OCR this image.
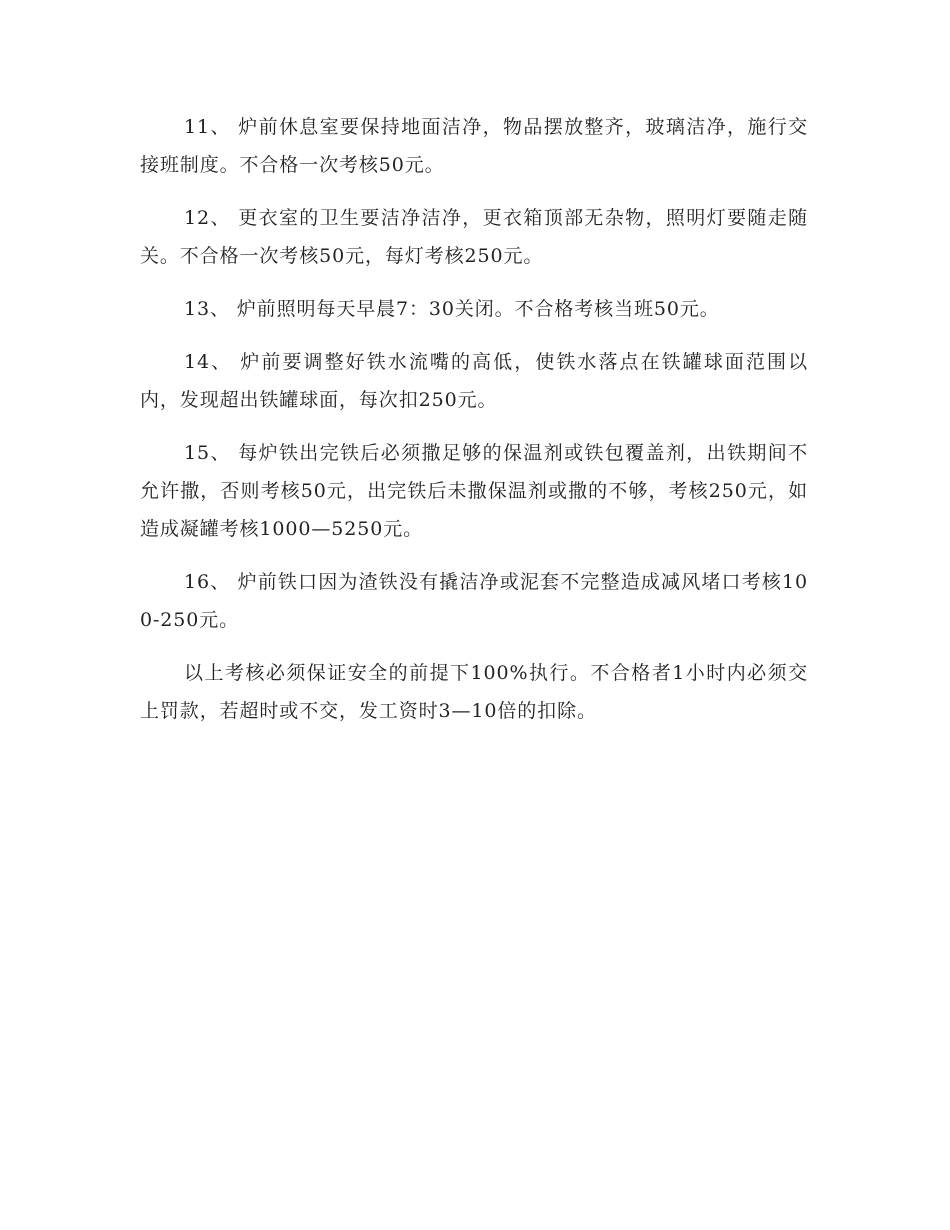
11、 炉前休息室要保持地面洁净，物品摆放整齐，玻璃洁净，施行交接班制度。不合格一次考核50元。

12、 更衣室的卫生要洁净洁净，更衣箱顶部无杂物，照明灯要随走随关。不合格一次考核50元，每灯考核250元。

13、 炉前照明每天早晨7：30关闭。不合格考核当班50元。

14、 炉前要调整好铁水流嘴的高低，使铁水落点在铁罐球面范围以内，发现超出铁罐球面，每次扣250元。

15、 每炉铁出完铁后必须撒足够的保温剂或铁包覆盖剂，出铁期间不允许撒，否则考核50元，出完铁后未撒保温剂或撒的不够，考核250元，如造成凝罐考核1000—5250元。

16、 炉前铁口因为渣铁没有撬洁净或泥套不完整造成减风堵口考核100-250元。

以上考核必须保证安全的前提下100%执行。不合格者1小时内必须交上罚款，若超时或不交，发工资时3—10倍的扣除。
